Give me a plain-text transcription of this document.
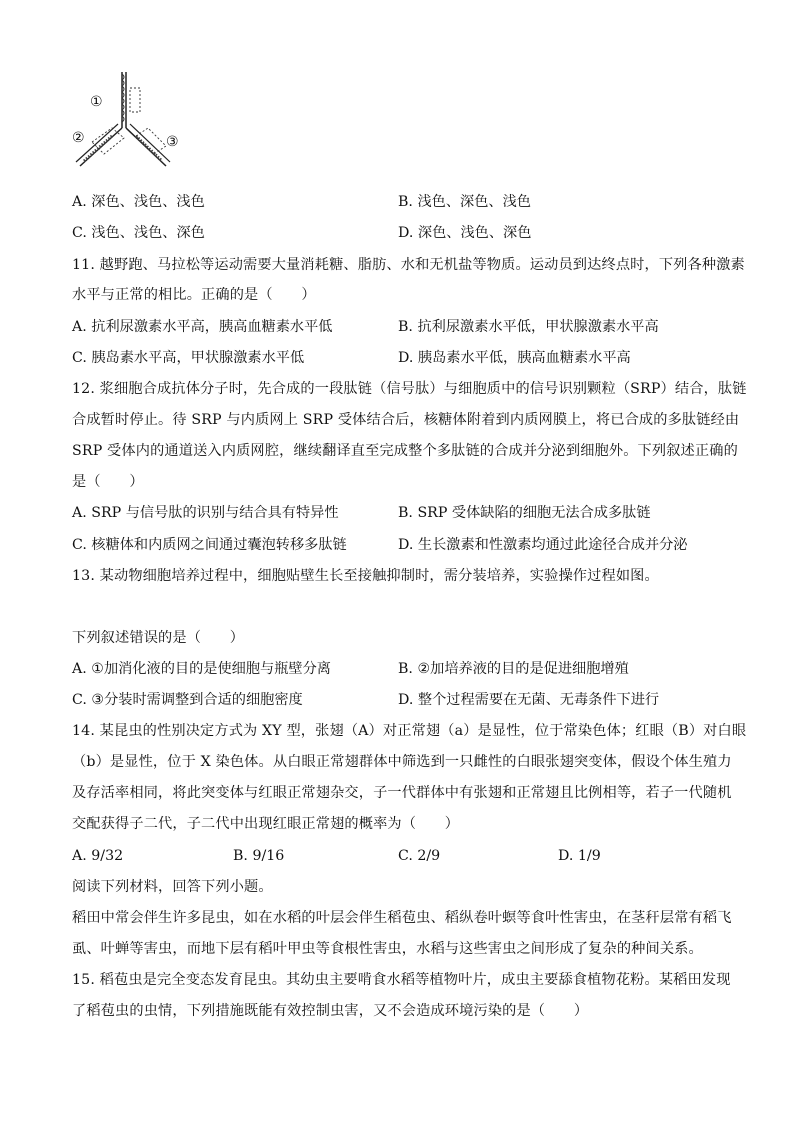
①
②	③
A. 深色、浅色、浅色	B. 浅色、深色、浅色
C. 浅色、浅色、深色	D. 深色、浅色、深色
11. 越野跑、马拉松等运动需要大量消耗糖、脂肪、水和无机盐等物质。运动员到达终点时，下列各种激素
水平与正常的相比。正确的是（　　）
A. 抗利尿激素水平高，胰高血糖素水平低	B. 抗利尿激素水平低，甲状腺激素水平高
C. 胰岛素水平高，甲状腺激素水平低	D. 胰岛素水平低，胰高血糖素水平高
12. 浆细胞合成抗体分子时，先合成的一段肽链（信号肽）与细胞质中的信号识别颗粒（SRP）结合，肽链
合成暂时停止。待 SRP 与内质网上 SRP 受体结合后，核糖体附着到内质网膜上，将已合成的多肽链经由
SRP 受体内的通道送入内质网腔，继续翻译直至完成整个多肽链的合成并分泌到细胞外。下列叙述正确的
是（　　）
A. SRP 与信号肽的识别与结合具有特异性	B. SRP 受体缺陷的细胞无法合成多肽链
C. 核糖体和内质网之间通过囊泡转移多肽链	D. 生长激素和性激素均通过此途径合成并分泌
13. 某动物细胞培养过程中，细胞贴壁生长至接触抑制时，需分装培养，实验操作过程如图。
下列叙述错误的是（　　）
A. ①加消化液的目的是使细胞与瓶壁分离	B. ②加培养液的目的是促进细胞增殖
C. ③分装时需调整到合适的细胞密度	D. 整个过程需要在无菌、无毒条件下进行
14. 某昆虫的性别决定方式为 XY 型，张翅（A）对正常翅（a）是显性，位于常染色体；红眼（B）对白眼
（b）是显性，位于 X 染色体。从白眼正常翅群体中筛选到一只雌性的白眼张翅突变体，假设个体生殖力
及存活率相同，将此突变体与红眼正常翅杂交，子一代群体中有张翅和正常翅且比例相等，若子一代随机
交配获得子二代，子二代中出现红眼正常翅的概率为（　　）
A. 9/32	B. 9/16	C. 2/9	D. 1/9
阅读下列材料，回答下列小题。
稻田中常会伴生许多昆虫，如在水稻的叶层会伴生稻苞虫、稻纵卷叶螟等食叶性害虫，在茎秆层常有稻飞
虱、叶蝉等害虫，而地下层有稻叶甲虫等食根性害虫，水稻与这些害虫之间形成了复杂的种间关系。
15. 稻苞虫是完全变态发育昆虫。其幼虫主要啃食水稻等植物叶片，成虫主要舔食植物花粉。某稻田发现
了稻苞虫的虫情，下列措施既能有效控制虫害，又不会造成环境污染的是（　　）
